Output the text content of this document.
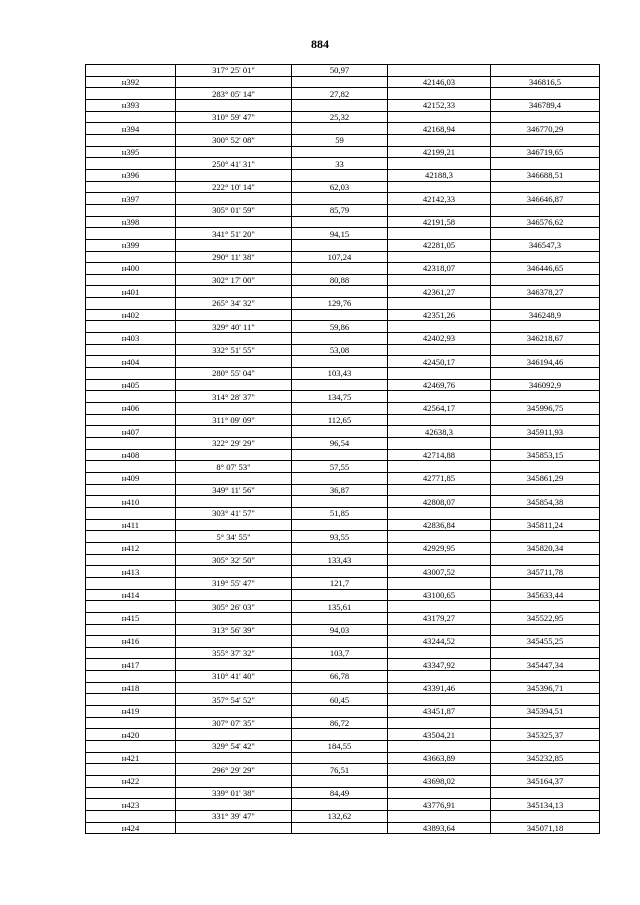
884
	317° 25' 01"	50,97		
н392			42146,03	346816,5
	283° 05' 14"	27,82		
н393			42152,33	346789,4
	310° 59' 47"	25,32		
н394			42168,94	346770,29
	300° 52' 08"	59		
н395			42199,21	346719,65
	250° 41' 31"	33		
н396			42188,3	346688,51
	222° 10' 14"	62,03		
н397			42142,33	346646,87
	305° 01' 59"	85,79		
н398			42191,58	346576,62
	341° 51' 20"	94,15		
н399			42281,05	346547,3
	290° 11' 38"	107,24		
н400			42318,07	346446,65
	302° 17' 00"	80,88		
н401			42361,27	346378,27
	265° 34' 32"	129,76		
н402			42351,26	346248,9
	329° 40' 11"	59,86		
н403			42402,93	346218,67
	332° 51' 55"	53,08		
н404			42450,17	346194,46
	280° 55' 04"	103,43		
н405			42469,76	346092,9
	314° 28' 37"	134,75		
н406			42564,17	345996,75
	311° 09' 09"	112,65		
н407			42638,3	345911,93
	322° 29' 29"	96,54		
н408			42714,88	345853,15
	8° 07' 53"	57,55		
н409			42771,85	345861,29
	349° 11' 56"	36,87		
н410			42808,07	345854,38
	303° 41' 57"	51,85		
н411			42836,84	345811,24
	5° 34' 55"	93,55		
н412			42929,95	345820,34
	305° 32' 50"	133,43		
н413			43007,52	345711,78
	319° 55' 47"	121,7		
н414			43100,65	345633,44
	305° 26' 03"	135,61		
н415			43179,27	345522,95
	313° 56' 39"	94,03		
н416			43244,52	345455,25
	355° 37' 32"	103,7		
н417			43347,92	345447,34
	310° 41' 40"	66,78		
н418			43391,46	345396,71
	357° 54' 52"	60,45		
н419			43451,87	345394,51
	307° 07' 35"	86,72		
н420			43504,21	345325,37
	329° 54' 42"	184,55		
н421			43663,89	345232,85
	296° 29' 29"	76,51		
н422			43698,02	345164,37
	339° 01' 38"	84,49		
н423			43776,91	345134,13
	331° 39' 47"	132,62		
н424			43893,64	345071,18
